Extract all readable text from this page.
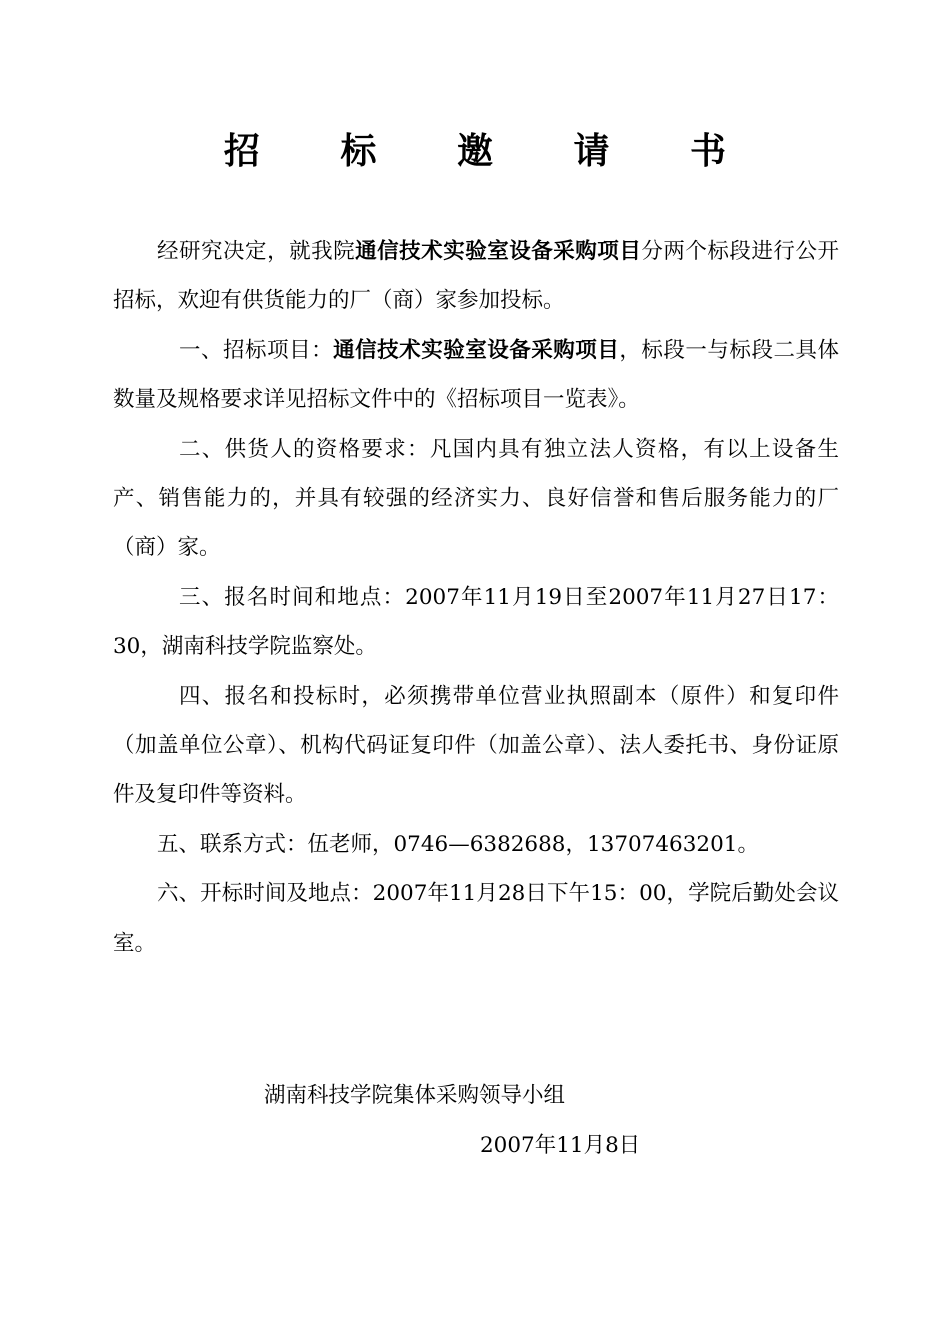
招 标 邀 请 书

经研究决定，就我院通信技术实验室设备采购项目分两个标段进行公开招标，欢迎有供货能力的厂（商）家参加投标。

一、招标项目：通信技术实验室设备采购项目，标段一与标段二具体数量及规格要求详见招标文件中的《招标项目一览表》。

二、供货人的资格要求：凡国内具有独立法人资格，有以上设备生产、销售能力的，并具有较强的经济实力、良好信誉和售后服务能力的厂（商）家。

三、报名时间和地点：2007年11月19日至2007年11月27日17：30，湖南科技学院监察处。

四、报名和投标时，必须携带单位营业执照副本（原件）和复印件（加盖单位公章）、机构代码证复印件（加盖公章）、法人委托书、身份证原件及复印件等资料。

五、联系方式：伍老师，0746—6382688，13707463201。

六、开标时间及地点：2007年11月28日下午15：00，学院后勤处会议室。

湖南科技学院集体采购领导小组
2007年11月8日
